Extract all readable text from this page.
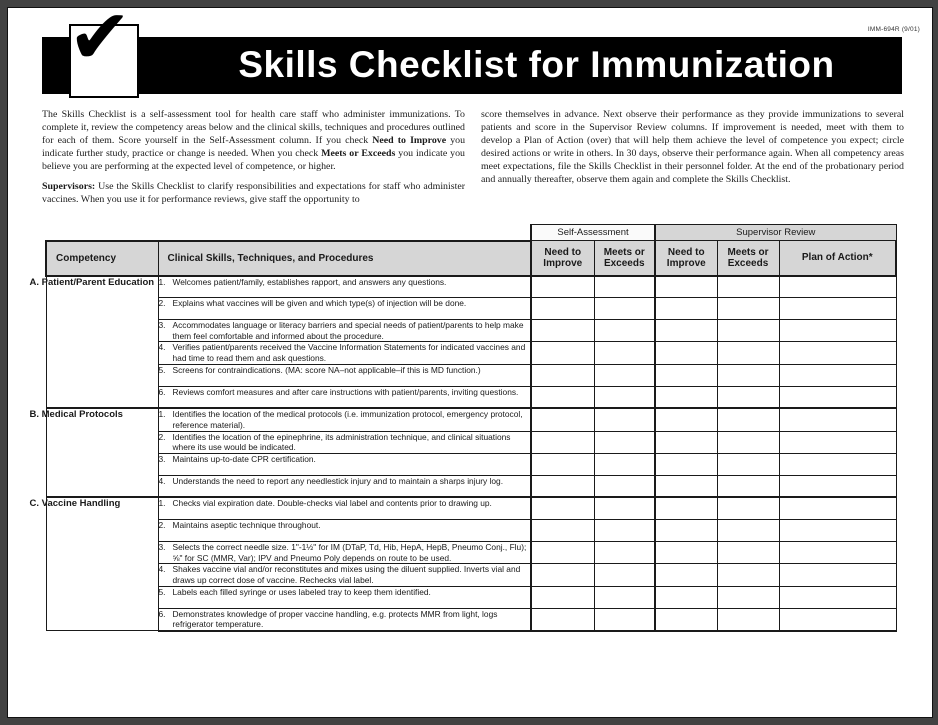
IMM-694R (9/01)
✔	Skills Checklist for Immunization

The Skills Checklist is a self-assessment tool for health care staff who administer immunizations. To complete it, review the competency areas below and the clinical skills, techniques and procedures outlined for each of them. Score yourself in the Self-Assessment column. If you check Need to Improve you indicate further study, practice or change is needed. When you check Meets or Exceeds you indicate you believe you are performing at the expected level of competence, or higher.

Supervisors: Use the Skills Checklist to clarify responsibilities and expectations for staff who administer vaccines. When you use it for performance reviews, give staff the opportunity to

score themselves in advance. Next observe their performance as they provide immunizations to several patients and score in the Supervisor Review columns. If improvement is needed, meet with them to develop a Plan of Action (over) that will help them achieve the level of competence you expect; circle desired actions or write in others. In 30 days, observe their performance again. When all competency areas meet expectations, file the Skills Checklist in their personnel folder. At the end of the probationary period and annually thereafter, observe them again and complete the Skills Checklist.

		Self-Assessment		Supervisor Review		
Competency	Clinical Skills, Techniques, and Procedures	Need to Improve	Meets or Exceeds	Need to Improve	Meets or Exceeds	Plan of Action*
A. Patient/Parent Education	1. Welcomes patient/family, establishes rapport, and answers any questions.					

	2. Explains what vaccines will be given and which type(s) of injection will be done.					

	3. Accommodates language or literacy barriers and special needs of patient/parents to help make them feel comfortable and informed about the procedure.					

	4. Verifies patient/parents received the Vaccine Information Statements for indicated vaccines and had time to read them and ask questions.					

	5. Screens for contraindications. (MA: score NA–not applicable–if this is MD function.)					

	6. Reviews comfort measures and after care instructions with patient/parents, inviting questions.					

B. Medical Protocols	1. Identifies the location of the medical protocols (i.e. immunization protocol, emergency protocol, reference material).					

	2. Identifies the location of the epinephrine, its administration technique, and clinical situations where its use would be indicated.					

	3. Maintains up-to-date CPR certification.					

	4. Understands the need to report any needlestick injury and to maintain a sharps injury log.					

C. Vaccine Handling	1. Checks vial expiration date. Double-checks vial label and contents prior to drawing up.					

	2. Maintains aseptic technique throughout.					

	3. Selects the correct needle size. 1"-1½" for IM (DTaP, Td, Hib, HepA, HepB, Pneumo Conj., Flu); ⅝" for SC (MMR, Var); IPV and Pneumo Poly depends on route to be used.					

	4. Shakes vaccine vial and/or reconstitutes and mixes using the diluent supplied. Inverts vial and draws up correct dose of vaccine. Rechecks vial label.					

	5. Labels each filled syringe or uses labeled tray to keep them identified.					

	6. Demonstrates knowledge of proper vaccine handling, e.g. protects MMR from light, logs refrigerator temperature.					
